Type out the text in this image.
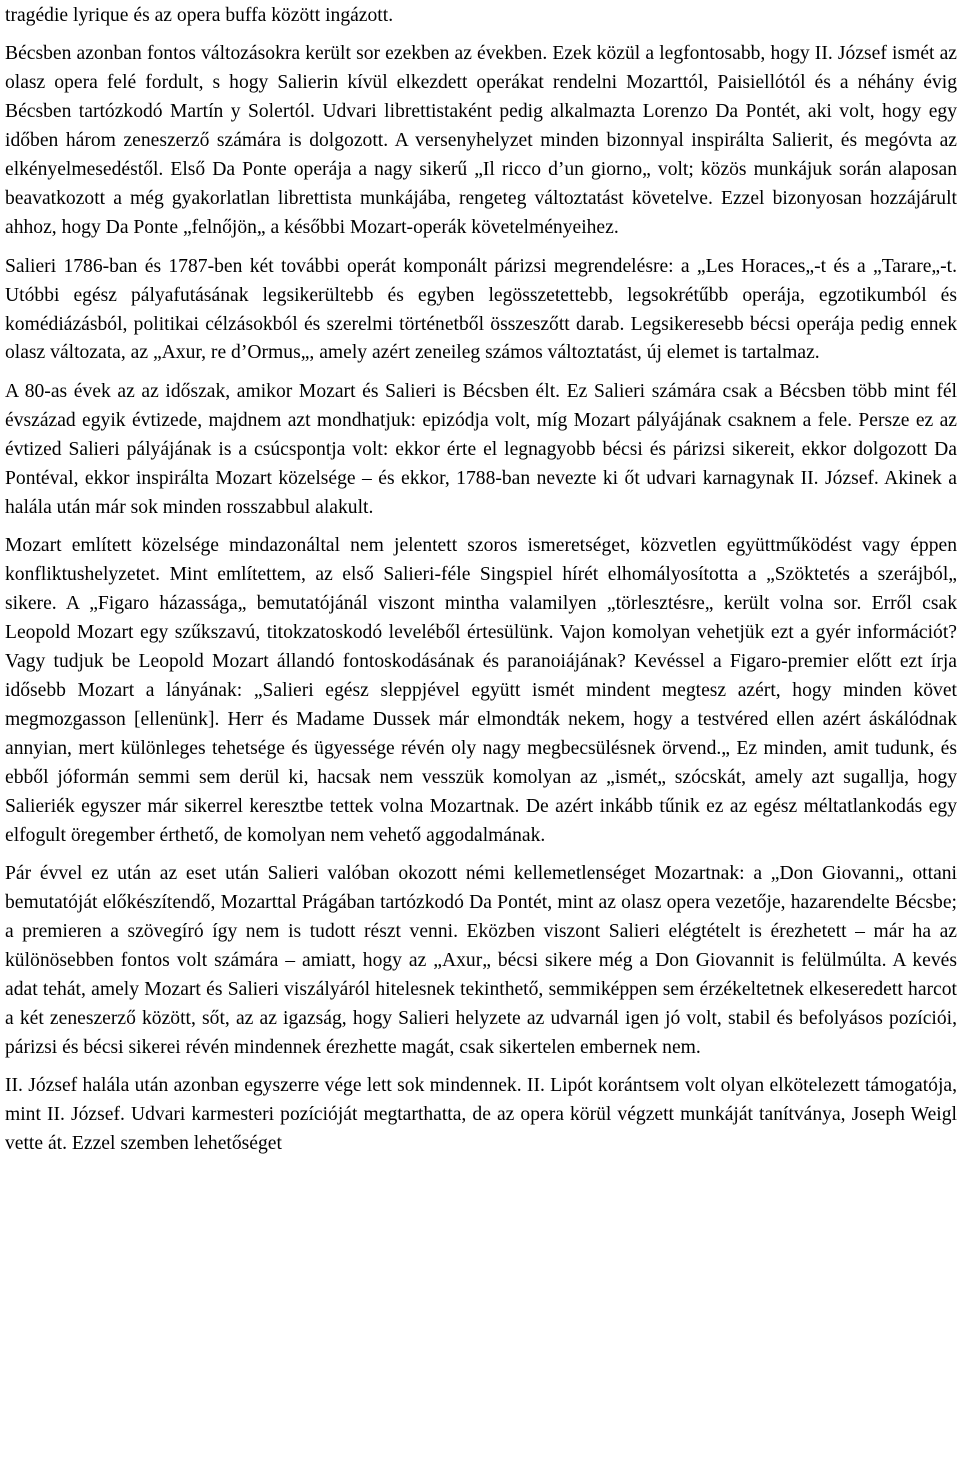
tragédie lyrique és az opera buffa között ingázott.

Bécsben azonban fontos változásokra került sor ezekben az években. Ezek közül a legfontosabb, hogy II. József ismét az olasz opera felé fordult, s hogy Salierin kívül elkezdett operákat rendelni Mozarttól, Paisiellótól és a néhány évig Bécsben tartózkodó Martín y Solertól. Udvari librettistaként pedig alkalmazta Lorenzo Da Pontét, aki volt, hogy egy időben három zeneszerző számára is dolgozott. A versenyhelyzet minden bizonnyal inspirálta Salierit, és megóvta az elkényelmesedéstől. Első Da Ponte operája a nagy sikerű „Il ricco d’un giorno„ volt; közös munkájuk során alaposan beavatkozott a még gyakorlatlan librettista munkájába, rengeteg változtatást követelve. Ezzel bizonyosan hozzájárult ahhoz, hogy Da Ponte „felnőjön„ a későbbi Mozart-operák követelményeihez.

Salieri 1786-ban és 1787-ben két további operát komponált párizsi megrendelésre: a „Les Horaces„-t és a „Tarare„-t. Utóbbi egész pályafutásának legsikerültebb és egyben legösszetettebb, legsokrétűbb operája, egzotikumból és komédiázásból, politikai célzásokból és szerelmi történetből összeszőtt darab. Legsikeresebb bécsi operája pedig ennek olasz változata, az „Axur, re d’Ormus„, amely azért zeneileg számos változtatást, új elemet is tartalmaz.

A 80-as évek az az időszak, amikor Mozart és Salieri is Bécsben élt. Ez Salieri számára csak a Bécsben több mint fél évszázad egyik évtizede, majdnem azt mondhatjuk: epizódja volt, míg Mozart pályájának csaknem a fele. Persze ez az évtized Salieri pályájának is a csúcspontja volt: ekkor érte el legnagyobb bécsi és párizsi sikereit, ekkor dolgozott Da Pontéval, ekkor inspirálta Mozart közelsége – és ekkor, 1788-ban nevezte ki őt udvari karnagynak II. József. Akinek a halála után már sok minden rosszabbul alakult.

Mozart említett közelsége mindazonáltal nem jelentett szoros ismeretséget, közvetlen együttműködést vagy éppen konfliktushelyzetet. Mint említettem, az első Salieri-féle Singspiel hírét elhomályosította a „Szöktetés a szerájból„ sikere. A „Figaro házassága„ bemutatójánál viszont mintha valamilyen „törlesztésre„ került volna sor. Erről csak Leopold Mozart egy szűkszavú, titokzatoskodó leveléből értesülünk. Vajon komolyan vehetjük ezt a gyér információt? Vagy tudjuk be Leopold Mozart állandó fontoskodásának és paranoiájának? Kevéssel a Figaro-premier előtt ezt írja idősebb Mozart a lányának: „Salieri egész sleppjével együtt ismét mindent megtesz azért, hogy minden követ megmozgasson [ellenünk]. Herr és Madame Dussek már elmondták nekem, hogy a testvéred ellen azért áskálódnak annyian, mert különleges tehetsége és ügyessége révén oly nagy megbecsülésnek örvend.„ Ez minden, amit tudunk, és ebből jóformán semmi sem derül ki, hacsak nem vesszük komolyan az „ismét„ szócskát, amely azt sugallja, hogy Salieriék egyszer már sikerrel keresztbe tettek volna Mozartnak. De azért inkább tűnik ez az egész méltatlankodás egy elfogult öregember érthető, de komolyan nem vehető aggodalmának.

Pár évvel ez után az eset után Salieri valóban okozott némi kellemetlenséget Mozartnak: a „Don Giovanni„ ottani bemutatóját előkészítendő, Mozarttal Prágában tartózkodó Da Pontét, mint az olasz opera vezetője, hazarendelte Bécsbe; a premieren a szövegíró így nem is tudott részt venni. Eközben viszont Salieri elégtételt is érezhetett – már ha az különösebben fontos volt számára – amiatt, hogy az „Axur„ bécsi sikere még a Don Giovannit is felülmúlta. A kevés adat tehát, amely Mozart és Salieri viszályáról hitelesnek tekinthető, semmiképpen sem érzékeltetnek elkeseredett harcot a két zeneszerző között, sőt, az az igazság, hogy Salieri helyzete az udvarnál igen jó volt, stabil és befolyásos pozíciói, párizsi és bécsi sikerei révén mindennek érezhette magát, csak sikertelen embernek nem.

II. József halála után azonban egyszerre vége lett sok mindennek. II. Lipót korántsem volt olyan elkötelezett támogatója, mint II. József. Udvari karmesteri pozícióját megtarthatta, de az opera körül végzett munkáját tanítványa, Joseph Weigl vette át. Ezzel szemben lehetőséget
